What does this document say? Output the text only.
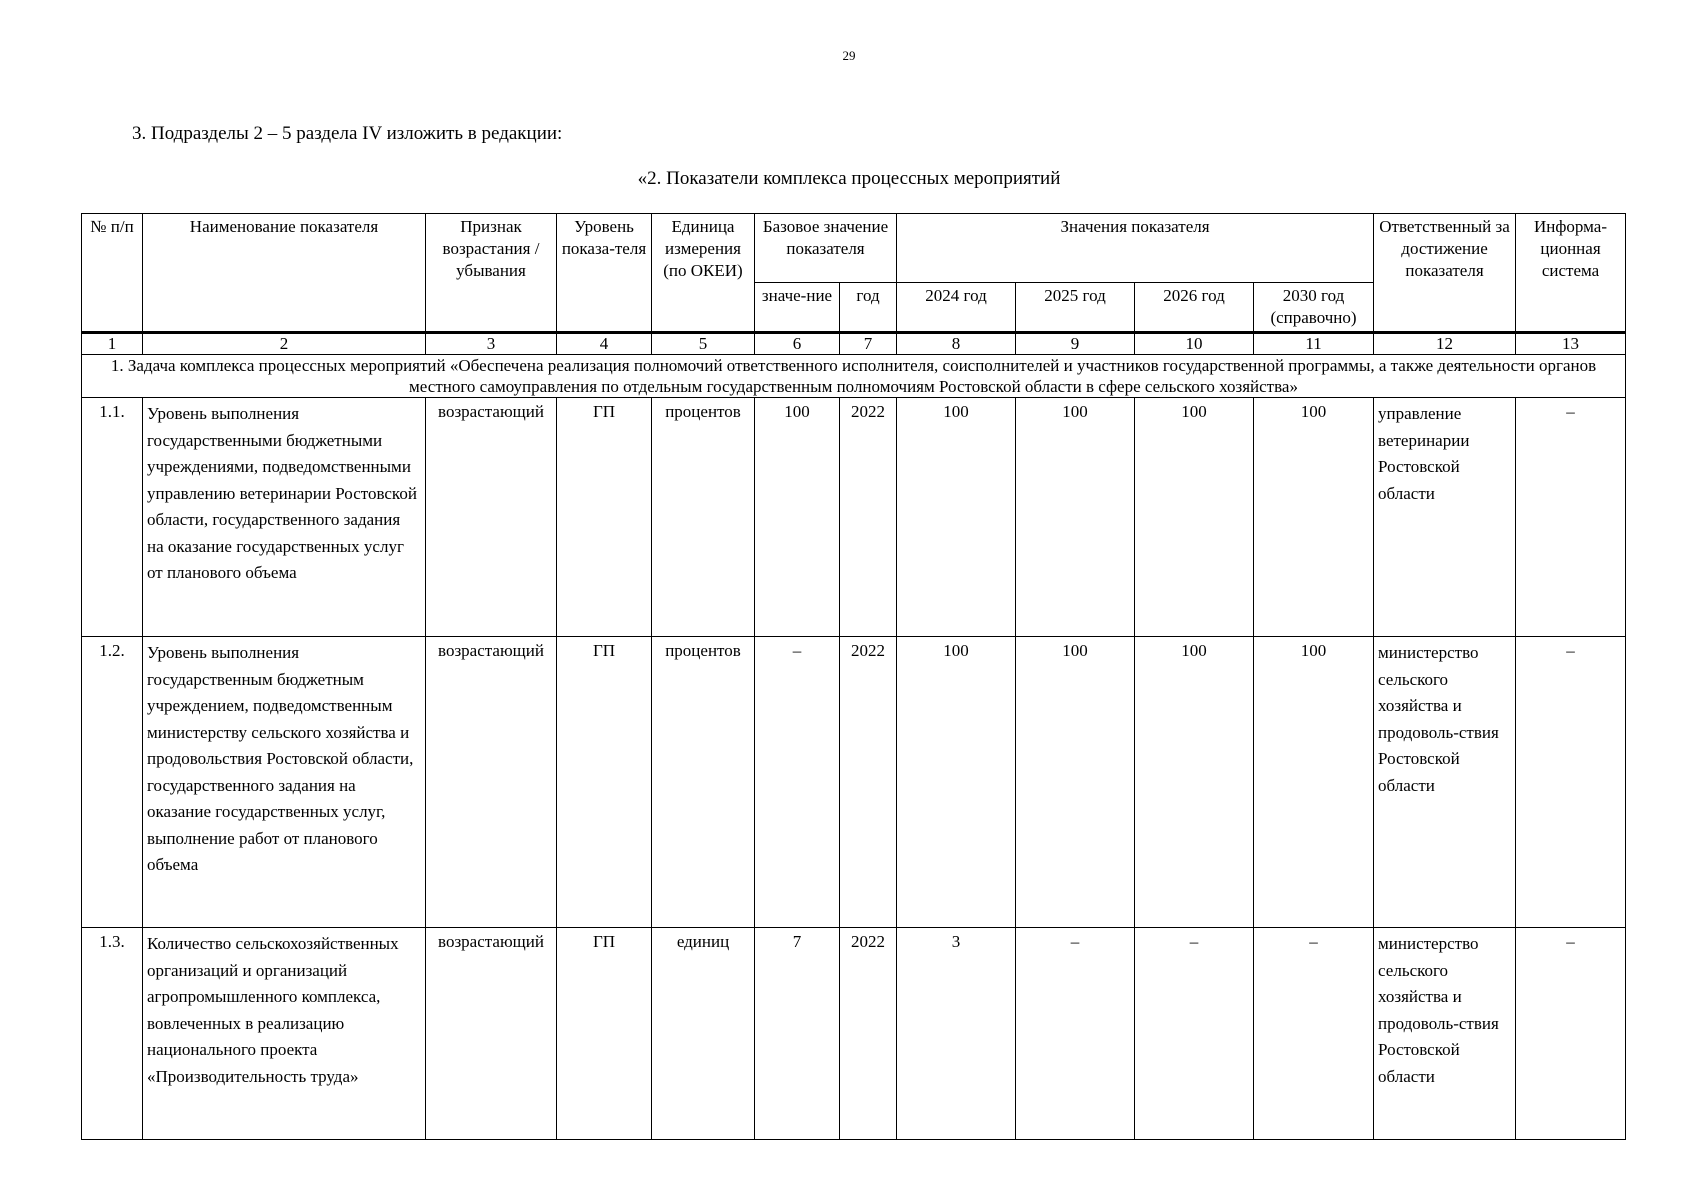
29
3. Подразделы 2 – 5 раздела IV изложить в редакции:
«2. Показатели комплекса процессных мероприятий
№ п/п	Наименование показателя	Признак возрастания / убывания	Уровень показа-теля	Единица измерения (по ОКЕИ)	Базовое значение показателя		Значения показателя				Ответственный за достижение показателя	Информа-ционная система
					значе-ние	год	2024 год	2025 год	2026 год	2030 год (справочно)		
1	2	3	4	5	6	7	8	9	10	11	12	13
1. Задача комплекса процессных мероприятий «Обеспечена реализация полномочий ответственного исполнителя, соисполнителей и участников государственной программы, а также деятельности органов местного самоуправления по отдельным государственным полномочиям Ростовской области в сфере сельского хозяйства»												
1.1.	Уровень выполнения государственными бюджетными учреждениями, подведомственными управлению ветеринарии Ростовской области, государственного задания на оказание государственных услуг от планового объема	возрастающий	ГП	процентов	100	2022	100	100	100	100	управление ветеринарии Ростовской области	–
1.2.	Уровень выполнения государственным бюджетным учреждением, подведомственным министерству сельского хозяйства и продовольствия Ростовской области, государственного задания на оказание государственных услуг, выполнение работ от планового объема	возрастающий	ГП	процентов	–	2022	100	100	100	100	министерство сельского хозяйства и продоволь-ствия Ростовской области	–
1.3.	Количество сельскохозяйственных организаций и организаций агропромышленного комплекса, вовлеченных в реализацию национального проекта «Производительность труда»	возрастающий	ГП	единиц	7	2022	3	–	–	–	министерство сельского хозяйства и продоволь-ствия Ростовской области	–
